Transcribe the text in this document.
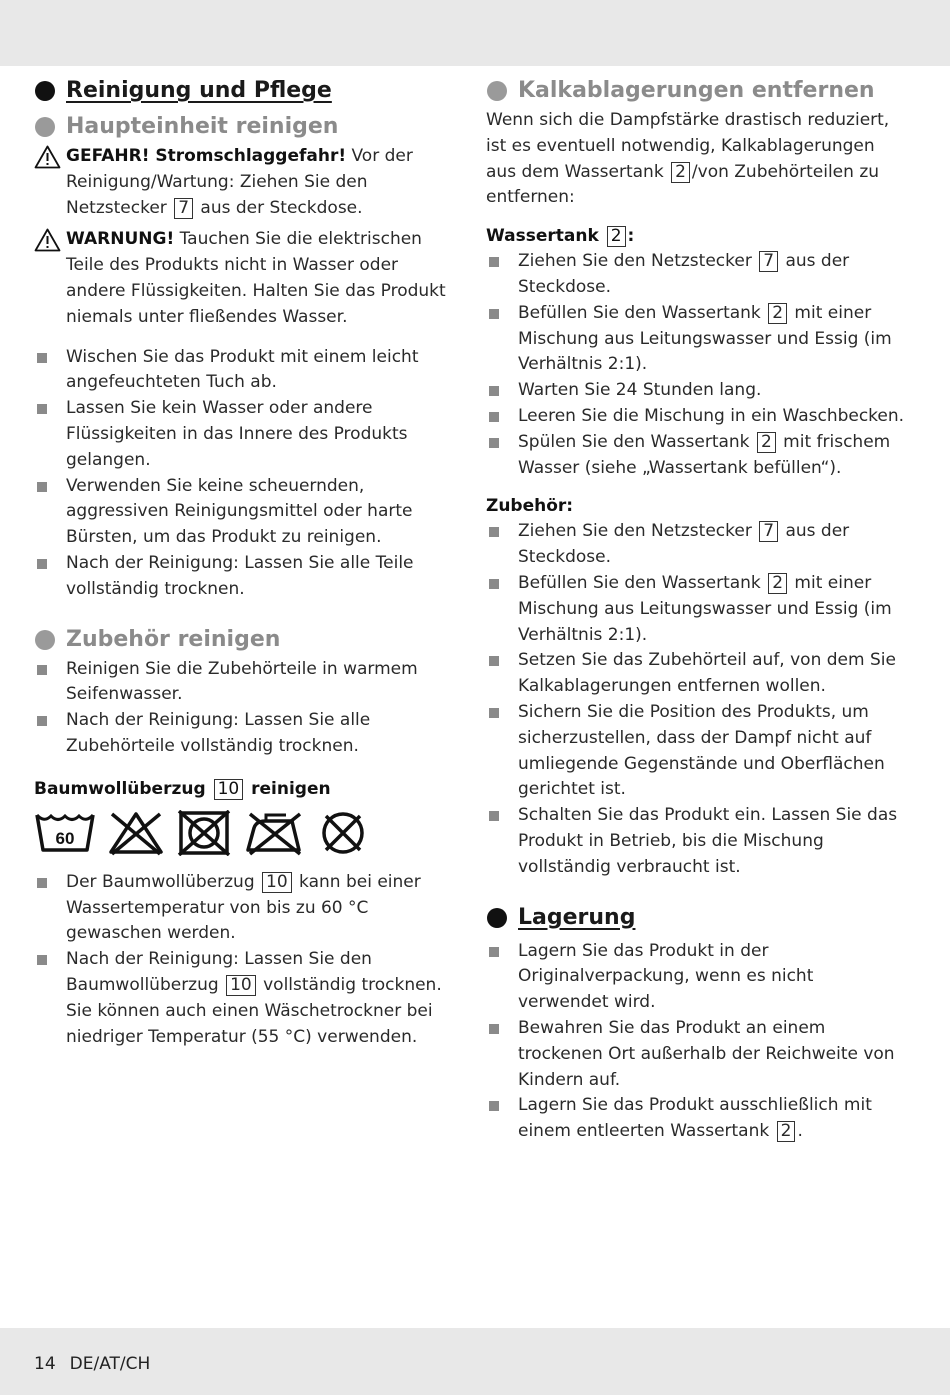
Reinigung und Pflege
Haupteinheit reinigen
GEFAHR! Stromschlaggefahr! Vor der Reinigung/Wartung: Ziehen Sie den Netzstecker 7 aus der Steckdose.
WARNUNG! Tauchen Sie die elektrischen Teile des Produkts nicht in Wasser oder andere Flüssigkeiten. Halten Sie das Produkt niemals unter fließendes Wasser.
Wischen Sie das Produkt mit einem leicht angefeuchteten Tuch ab.
Lassen Sie kein Wasser oder andere Flüssigkeiten in das Innere des Produkts gelangen.
Verwenden Sie keine scheuernden, aggressiven Reinigungsmittel oder harte Bürsten, um das Produkt zu reinigen.
Nach der Reinigung: Lassen Sie alle Teile vollständig trocknen.
Zubehör reinigen
Reinigen Sie die Zubehörteile in warmem Seifenwasser.
Nach der Reinigung: Lassen Sie alle Zubehörteile vollständig trocknen.

Baumwollüberzug 10 reinigen

60
Der Baumwollüberzug 10 kann bei einer Wassertemperatur von bis zu 60 °C gewaschen werden.
Nach der Reinigung: Lassen Sie den Baumwollüberzug 10 vollständig trocknen. Sie können auch einen Wäschetrockner bei niedriger Temperatur (55 °C) verwenden.
Kalkablagerungen entfernen

Wenn sich die Dampfstärke drastisch reduziert, ist es eventuell notwendig, Kalkablagerungen aus dem Wassertank 2 /von Zubehörteilen zu entfernen:

Wassertank 2 :

Ziehen Sie den Netzstecker 7 aus der Steckdose.
Befüllen Sie den Wassertank 2 mit einer Mischung aus Leitungswasser und Essig (im Verhältnis 2:1).
Warten Sie 24 Stunden lang.
Leeren Sie die Mischung in ein Waschbecken.
Spülen Sie den Wassertank 2 mit frischem Wasser (siehe „Wassertank befüllen“).

Zubehör:

Ziehen Sie den Netzstecker 7 aus der Steckdose.
Befüllen Sie den Wassertank 2 mit einer Mischung aus Leitungswasser und Essig (im Verhältnis 2:1).
Setzen Sie das Zubehörteil auf, von dem Sie Kalkablagerungen entfernen wollen.
Sichern Sie die Position des Produkts, um sicherzustellen, dass der Dampf nicht auf umliegende Gegenstände und Oberflächen gerichtet ist.
Schalten Sie das Produkt ein. Lassen Sie das Produkt in Betrieb, bis die Mischung vollständig verbraucht ist.
Lagerung
Lagern Sie das Produkt in der Originalverpackung, wenn es nicht verwendet wird.
Bewahren Sie das Produkt an einem trockenen Ort außerhalb der Reichweite von Kindern auf.
Lagern Sie das Produkt ausschließlich mit einem entleerten Wassertank 2 .
14 DE/AT/CH
